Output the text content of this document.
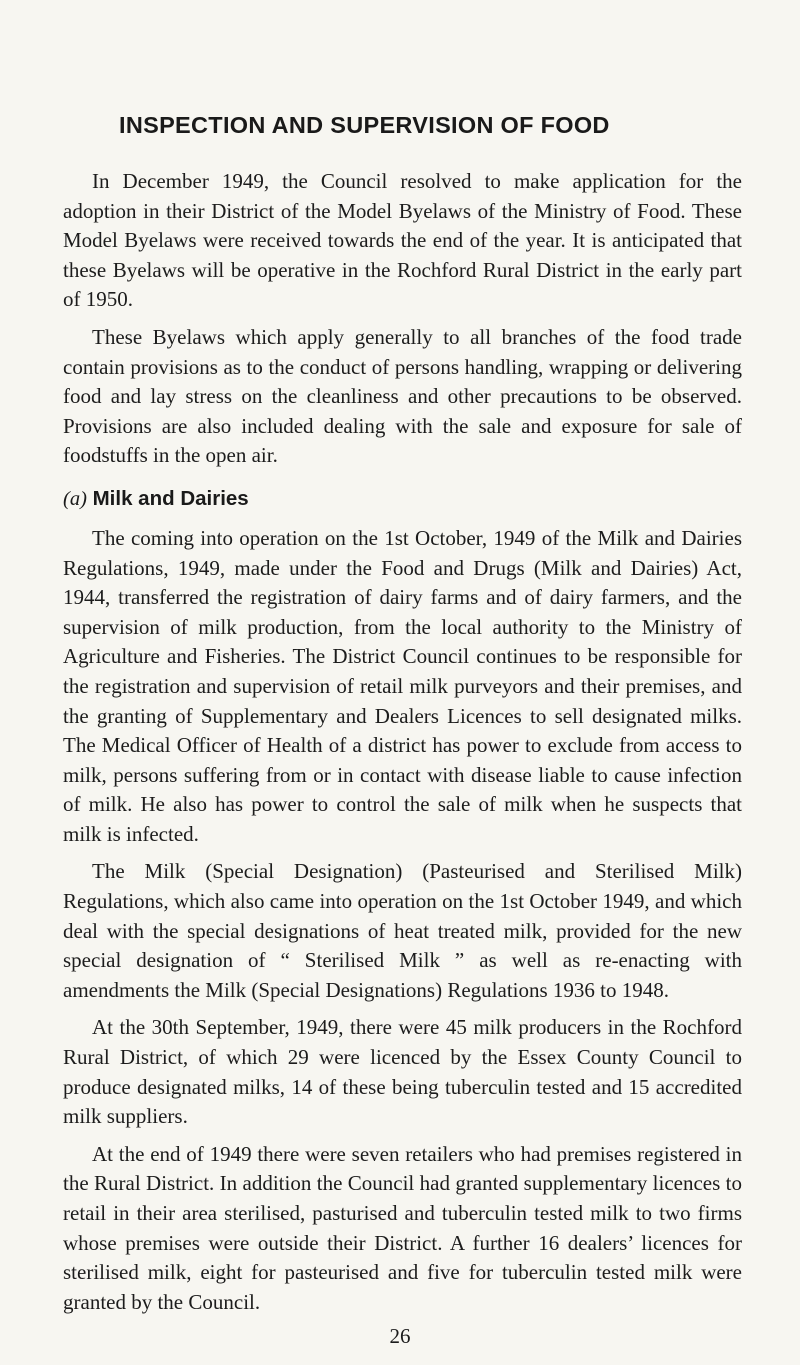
INSPECTION AND SUPERVISION OF FOOD

In December 1949, the Council resolved to make application for the adoption in their District of the Model Byelaws of the Ministry of Food. These Model Byelaws were received towards the end of the year. It is anticipated that these Byelaws will be operative in the Rochford Rural District in the early part of 1950.

These Byelaws which apply generally to all branches of the food trade contain provisions as to the conduct of persons handling, wrapping or delivering food and lay stress on the cleanliness and other precautions to be observed. Provisions are also included dealing with the sale and exposure for sale of foodstuffs in the open air.

(a) Milk and Dairies

The coming into operation on the 1st October, 1949 of the Milk and Dairies Regulations, 1949, made under the Food and Drugs (Milk and Dairies) Act, 1944, transferred the registration of dairy farms and of dairy farmers, and the supervision of milk production, from the local authority to the Ministry of Agriculture and Fisheries. The District Council continues to be responsible for the registration and supervision of retail milk purveyors and their premises, and the granting of Supplementary and Dealers Licences to sell designated milks. The Medical Officer of Health of a district has power to exclude from access to milk, persons suffering from or in contact with disease liable to cause infection of milk. He also has power to control the sale of milk when he suspects that milk is infected.

The Milk (Special Designation) (Pasteurised and Sterilised Milk) Regulations, which also came into operation on the 1st October 1949, and which deal with the special designations of heat treated milk, provided for the new special designation of “ Sterilised Milk ” as well as re-enacting with amendments the Milk (Special Designations) Regulations 1936 to 1948.

At the 30th September, 1949, there were 45 milk producers in the Rochford Rural District, of which 29 were licenced by the Essex County Council to produce designated milks, 14 of these being tuberculin tested and 15 accredited milk suppliers.

At the end of 1949 there were seven retailers who had premises registered in the Rural District. In addition the Council had granted supplementary licences to retail in their area sterilised, pasturised and tuberculin tested milk to two firms whose premises were outside their District. A further 16 dealers’ licences for sterilised milk, eight for pasteurised and five for tuberculin tested milk were granted by the Council.

26
